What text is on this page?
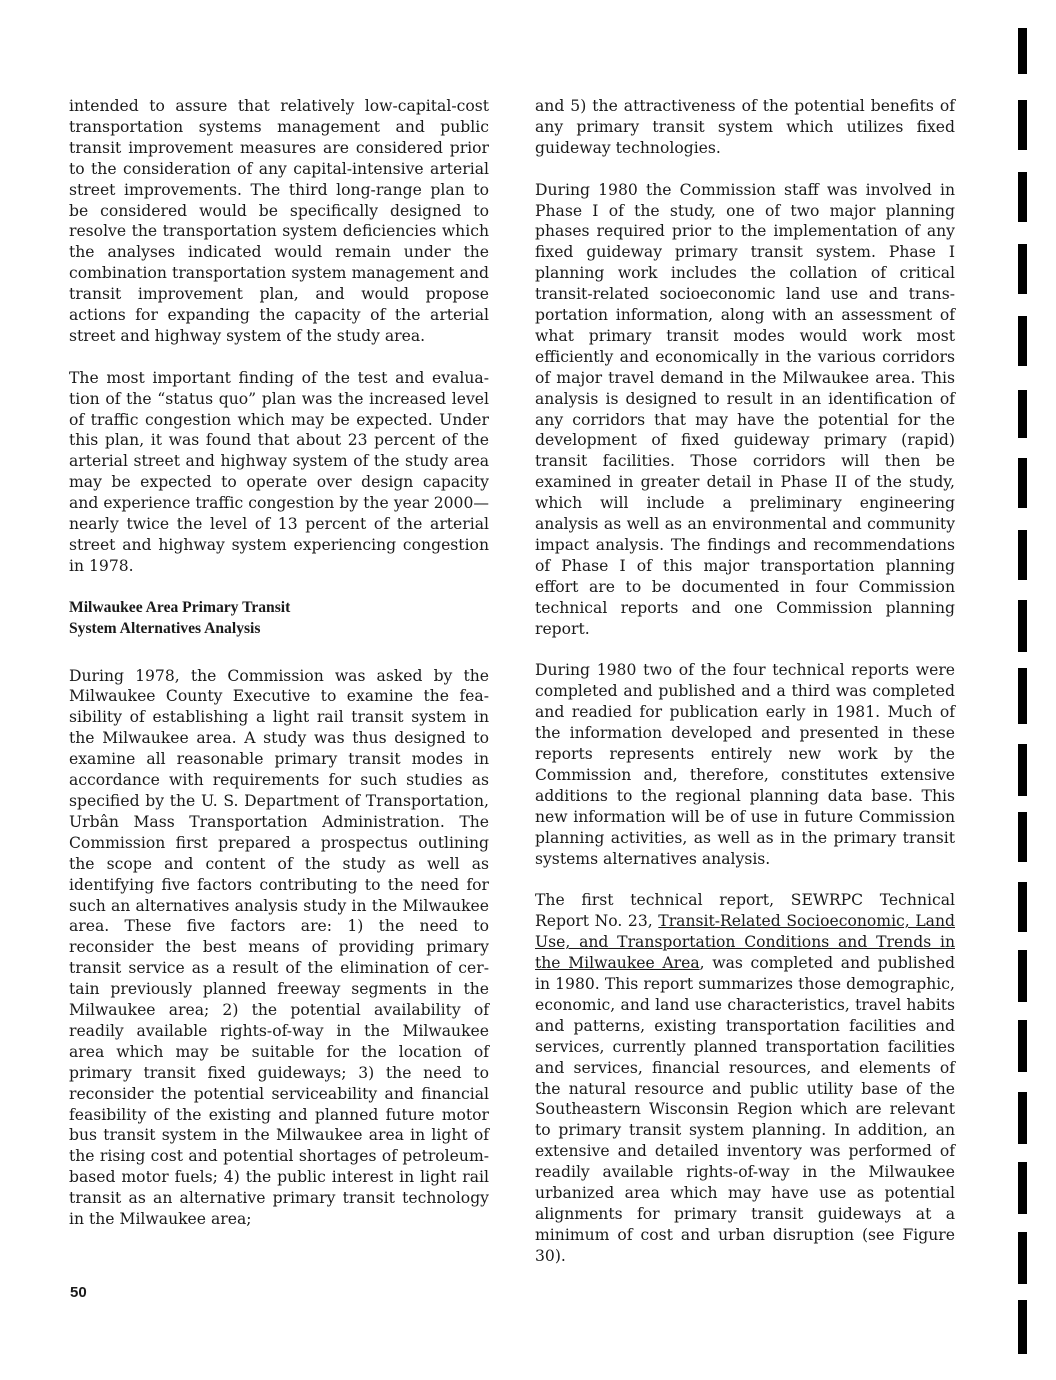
intended to assure that relatively low-capital-cost transportation systems management and public transit improvement measures are considered prior to the consideration of any capital-intensive arterial street improvements. The third long-range plan to be considered would be specifically designed to resolve the transportation system deficiencies which the analyses indicated would remain under the combination transportation system management and transit improvement plan, and would propose actions for expanding the capacity of the arterial street and highway system of the study area.

The most important finding of the test and evaluation of the “status quo” plan was the increased level of traffic congestion which may be expected. Under this plan, it was found that about 23 percent of the arterial street and highway system of the study area may be expected to operate over design capacity and experience traffic congestion by the year 2000—nearly twice the level of 13 percent of the arterial street and highway system experiencing congestion in 1978.

Milwaukee Area Primary Transit
System Alternatives Analysis

During 1978, the Commission was asked by the Milwaukee County Executive to examine the feasibility of establishing a light rail transit system in the Milwaukee area. A study was thus designed to examine all reasonable primary transit modes in accordance with requirements for such studies as specified by the U. S. Department of Transportation, Urbân Mass Transportation Administration. The Commission first prepared a prospectus outlining the scope and content of the study as well as identifying five factors contributing to the need for such an alternatives analysis study in the Milwaukee area. These five factors are: 1) the need to reconsider the best means of providing primary transit service as a result of the elimination of certain previously planned freeway segments in the Milwaukee area; 2) the potential availability of readily available rights-of-way in the Milwaukee area which may be suitable for the location of primary transit fixed guideways; 3) the need to reconsider the potential serviceability and financial feasibility of the existing and planned future motor bus transit system in the Milwaukee area in light of the rising cost and potential shortages of petroleum-based motor fuels; 4) the public interest in light rail transit as an alternative primary transit technology in the Milwaukee area;

and 5) the attractiveness of the potential benefits of any primary transit system which utilizes fixed guideway technologies.

During 1980 the Commission staff was involved in Phase I of the study, one of two major planning phases required prior to the implementation of any fixed guideway primary transit system. Phase I planning work includes the collation of critical transit-related socioeconomic land use and transportation information, along with an assessment of what primary transit modes would work most efficiently and economically in the various corridors of major travel demand in the Milwaukee area. This analysis is designed to result in an identification of any corridors that may have the potential for the development of fixed guideway primary (rapid) transit facilities. Those corridors will then be examined in greater detail in Phase II of the study, which will include a preliminary engineering analysis as well as an environmental and community impact analysis. The findings and recommendations of Phase I of this major transportation planning effort are to be documented in four Commission technical reports and one Commission planning report.

During 1980 two of the four technical reports were completed and published and a third was completed and readied for publication early in 1981. Much of the information developed and presented in these reports represents entirely new work by the Commission and, therefore, constitutes extensive additions to the regional planning data base. This new information will be of use in future Commission planning activities, as well as in the primary transit systems alternatives analysis.

The first technical report, SEWRPC Technical Report No. 23, Transit-Related Socioeconomic, Land Use, and Transportation Conditions and Trends in the Milwaukee Area, was completed and published in 1980. This report summarizes those demographic, economic, and land use characteristics, travel habits and patterns, existing transportation facilities and services, currently planned transportation facilities and services, financial resources, and elements of the natural resource and public utility base of the Southeastern Wisconsin Region which are relevant to primary transit system planning. In addition, an extensive and detailed inventory was performed of readily available rights-of-way in the Milwaukee urbanized area which may have use as potential alignments for primary transit guideways at a minimum of cost and urban disruption (see Figure 30).

50
